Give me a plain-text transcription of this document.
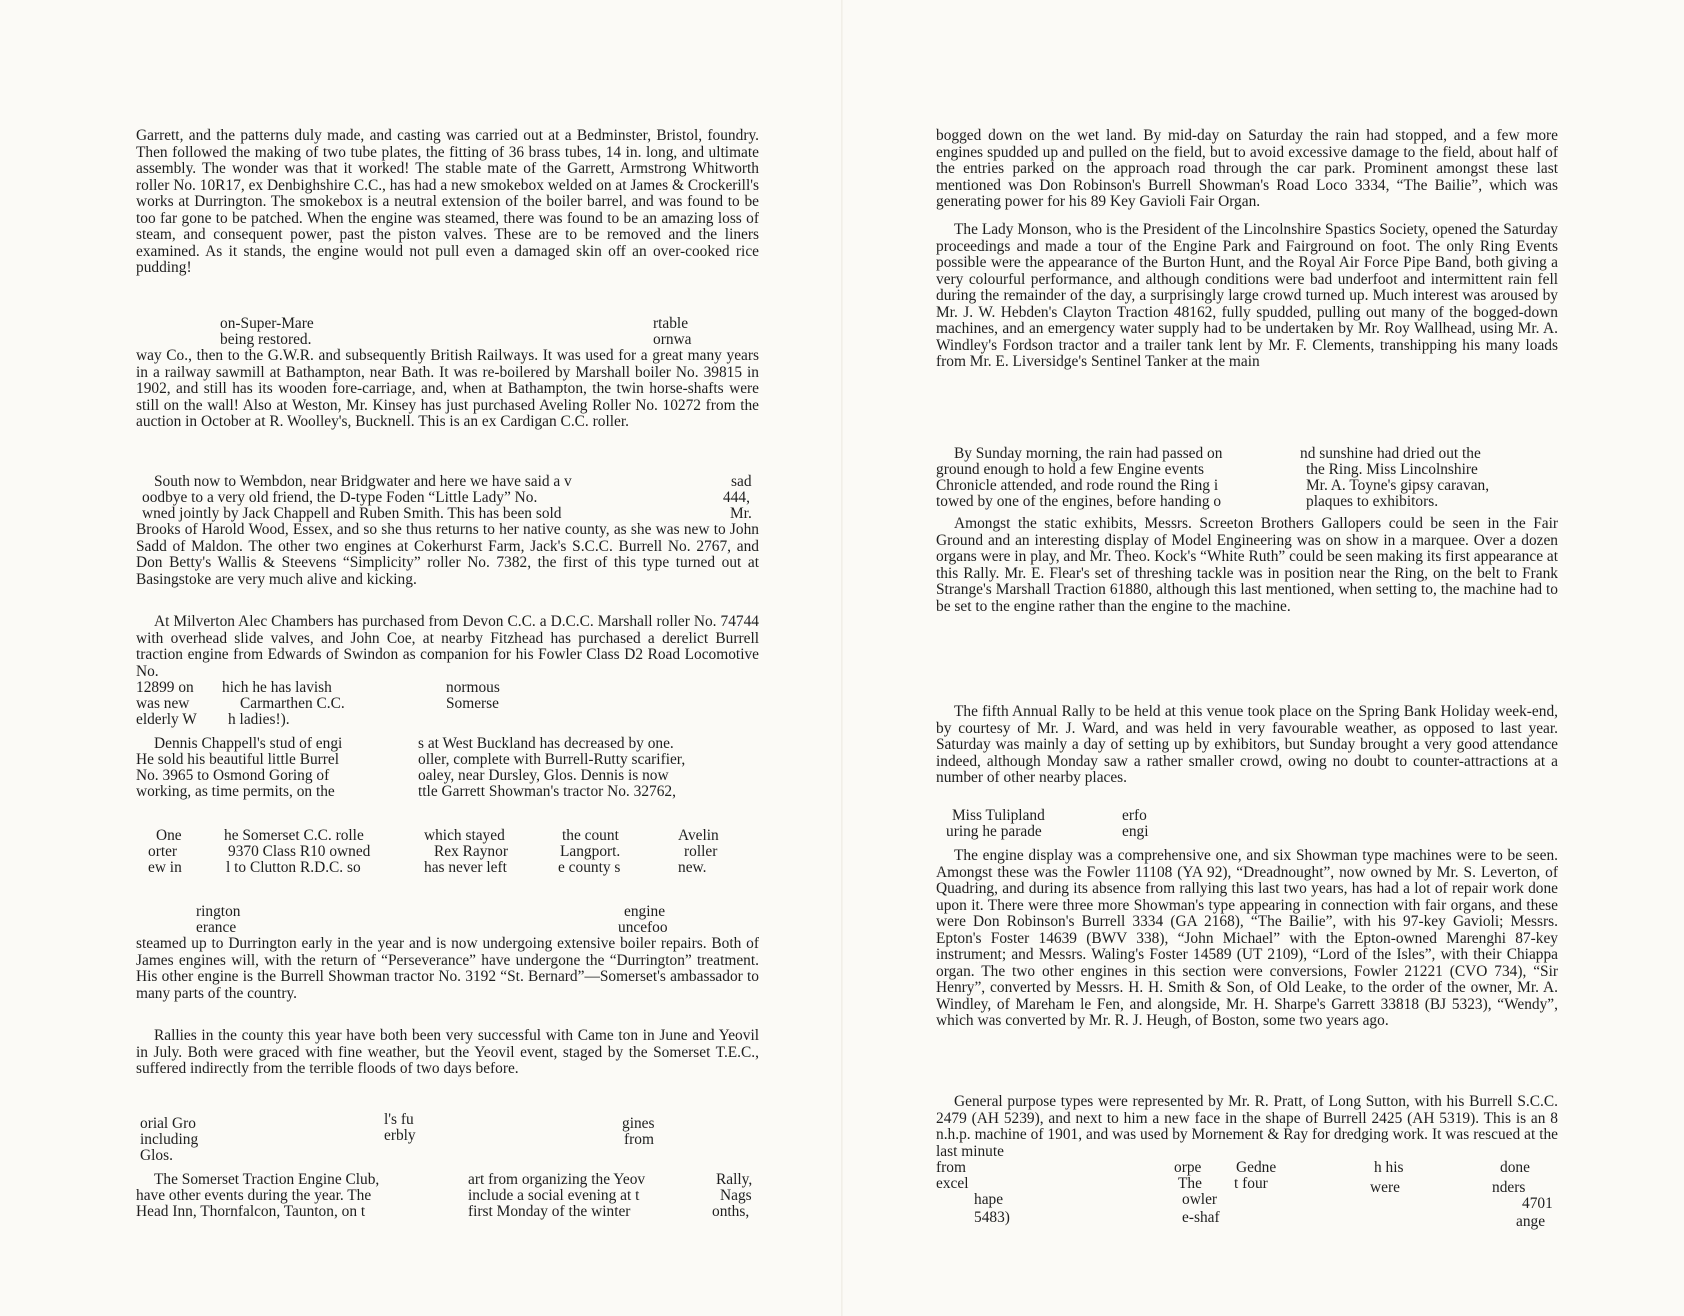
Garrett, and the patterns duly made, and casting was carried out at a Bedminster, Bristol, foundry. Then followed the making of two tube plates, the fitting of 36 brass tubes, 14 in. long, and ultimate assembly. The wonder was that it worked! The stable mate of the Garrett, Armstrong Whitworth roller No. 10R17, ex Denbighshire C.C., has had a new smokebox welded on at James & Crockerill's works at Durrington. The smokebox is a neutral extension of the boiler barrel, and was found to be too far gone to be patched. When the engine was steamed, there was found to be an amazing loss of steam, and consequent power, past the piston valves. These are to be removed and the liners examined. As it stands, the engine would not pull even a damaged skin off an over-cooked rice pudding!

on-Super-Mare	rtable
being restored.	ornwa

way Co., then to the G.W.R. and subsequently British Railways. It was used for a great many years in a railway sawmill at Bathampton, near Bath. It was re-boilered by Marshall boiler No. 39815 in 1902, and still has its wooden fore-carriage, and, when at Bathampton, the twin horse-shafts were still on the wall! Also at Weston, Mr. Kinsey has just purchased Aveling Roller No. 10272 from the auction in October at R. Woolley's, Bucknell. This is an ex Cardigan C.C. roller.

South now to Wembdon, near Bridgwater and here we have said a v	sad
oodbye to a very old friend, the D-type Foden “Little Lady” No.	444,
wned jointly by Jack Chappell and Ruben Smith. This has been sold	Mr.

Brooks of Harold Wood, Essex, and so she thus returns to her native county, as she was new to John Sadd of Maldon. The other two engines at Cokerhurst Farm, Jack's S.C.C. Burrell No. 2767, and Don Betty's Wallis & Steevens “Simplicity” roller No. 7382, the first of this type turned out at Basingstoke are very much alive and kicking.

At Milverton Alec Chambers has purchased from Devon C.C. a D.C.C. Marshall roller No. 74744 with overhead slide valves, and John Coe, at nearby Fitzhead has purchased a derelict Burrell traction engine from Edwards of Swindon as companion for his Fowler Class D2 Road Locomotive No.

12899 on hich he has lavish	normous
was new	Carmarthen C.C.	Somerse
elderly W h ladies!).
Dennis Chappell's stud of engi	s at West Buckland has decreased by one.
He sold his beautiful little Burrel	oller, complete with Burrell-Rutty scarifier,
No. 3965 to Osmond Goring of	oaley, near Dursley, Glos. Dennis is now
working, as time permits, on the	ttle Garrett Showman's tractor No. 32762,
One	he Somerset C.C. rolle	which stayed	the count	Avelin
orter	9370 Class R10 owned	Rex Raynor	Langport.	roller
ew in	l to Clutton R.D.C. so	has never left	e county s	new.
rington	engine
erance	uncefoo

steamed up to Durrington early in the year and is now undergoing extensive boiler repairs. Both of James engines will, with the return of “Perseverance” have undergone the “Durrington” treatment. His other engine is the Burrell Showman tractor No. 3192 “St. Bernard”—Somerset's ambassador to many parts of the country.

Rallies in the county this year have both been very successful with Came ton in June and Yeovil in July. Both were graced with fine weather, but the Yeovil event, staged by the Somerset T.E.C., suffered indirectly from the terrible floods of two days before.

orial Gro	l's fu	gines
including	erbly	from
Glos.
The Somerset Traction Engine Club,	art from organizing the Yeov	Rally,
have other events during the year. The	include a social evening at t	Nags
Head Inn, Thornfalcon, Taunton, on t	first Monday of the winter	onths,

bogged down on the wet land. By mid-day on Saturday the rain had stopped, and a few more engines spudded up and pulled on the field, but to avoid excessive damage to the field, about half of the entries parked on the approach road through the car park. Prominent amongst these last mentioned was Don Robinson's Burrell Showman's Road Loco 3334, “The Bailie”, which was generating power for his 89 Key Gavioli Fair Organ.

The Lady Monson, who is the President of the Lincolnshire Spastics Society, opened the Saturday proceedings and made a tour of the Engine Park and Fairground on foot. The only Ring Events possible were the appearance of the Burton Hunt, and the Royal Air Force Pipe Band, both giving a very colourful performance, and although conditions were bad underfoot and intermittent rain fell during the remainder of the day, a surprisingly large crowd turned up. Much interest was aroused by Mr. J. W. Hebden's Clayton Traction 48162, fully spudded, pulling out many of the bogged-down machines, and an emergency water supply had to be undertaken by Mr. Roy Wallhead, using Mr. A. Windley's Fordson tractor and a trailer tank lent by Mr. F. Clements, transhipping his many loads from Mr. E. Liversidge's Sentinel Tanker at the main

By Sunday morning, the rain had passed on	nd sunshine had dried out the
ground enough to hold a few Engine events	the Ring. Miss Lincolnshire
Chronicle attended, and rode round the Ring i	Mr. A. Toyne's gipsy caravan,
towed by one of the engines, before handing o	plaques to exhibitors.

Amongst the static exhibits, Messrs. Screeton Brothers Gallopers could be seen in the Fair Ground and an interesting display of Model Engineering was on show in a marquee. Over a dozen organs were in play, and Mr. Theo. Kock's “White Ruth” could be seen making its first appearance at this Rally. Mr. E. Flear's set of threshing tackle was in position near the Ring, on the belt to Frank Strange's Marshall Traction 61880, although this last mentioned, when setting to, the machine had to be set to the engine rather than the engine to the machine.

The fifth Annual Rally to be held at this venue took place on the Spring Bank Holiday week-end, by courtesy of Mr. J. Ward, and was held in very favourable weather, as opposed to last year. Saturday was mainly a day of setting up by exhibitors, but Sunday brought a very good attendance indeed, although Monday saw a rather smaller crowd, owing no doubt to counter-attractions at a number of other nearby places.

Miss Tulipland	erfo
uring he parade	engi

The engine display was a comprehensive one, and six Showman type machines were to be seen. Amongst these was the Fowler 11108 (YA 92), “Dreadnought”, now owned by Mr. S. Leverton, of Quadring, and during its absence from rallying this last two years, has had a lot of repair work done upon it. There were three more Showman's type appearing in connection with fair organs, and these were Don Robinson's Burrell 3334 (GA 2168), “The Bailie”, with his 97-key Gavioli; Messrs. Epton's Foster 14639 (BWV 338), “John Michael” with the Epton-owned Marenghi 87-key instrument; and Messrs. Waling's Foster 14589 (UT 2109), “Lord of the Isles”, with their Chiappa organ. The two other engines in this section were conversions, Fowler 21221 (CVO 734), “Sir Henry”, converted by Messrs. H. H. Smith & Son, of Old Leake, to the order of the owner, Mr. A. Windley, of Mareham le Fen, and alongside, Mr. H. Sharpe's Garrett 33818 (BJ 5323), “Wendy”, which was converted by Mr. R. J. Heugh, of Boston, some two years ago.

General purpose types were represented by Mr. R. Pratt, of Long Sutton, with his Burrell S.C.C. 2479 (AH 5239), and next to him a new face in the shape of Burrell 2425 (AH 5319). This is an 8 n.h.p. machine of 1901, and was used by Mornement & Ray for dredging work. It was rescued at the last minute

from	orpe Gedne	h his	done
excel	The t four	were	nders
hape	owler	4701
5483)	e-shaf	ange
